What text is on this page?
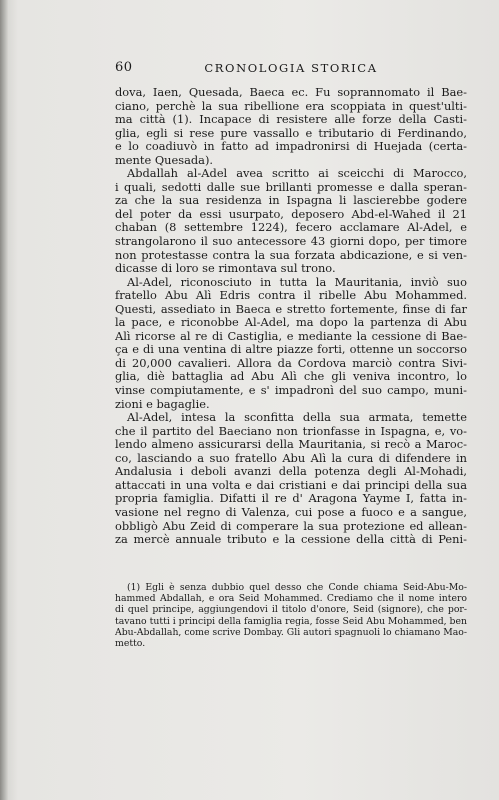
60	CRONOLOGIA STORICA
dova, Iaen, Quesada, Baeca ec. Fu soprannomato il Bae-
ciano, perchè la sua ribellione era scoppiata in quest'ulti-
ma città (1). Incapace di resistere alle forze della Casti-
glia, egli si rese pure vassallo e tributario di Ferdinando,
e lo coadiuvò in fatto ad impadronirsi di Huejada (certa-
mente Quesada).
Abdallah al-Adel avea scritto ai sceicchi di Marocco,
i quali, sedotti dalle sue brillanti promesse e dalla speran-
za che la sua residenza in Ispagna li lascierebbe godere
del poter da essi usurpato, deposero Abd-el-Wahed il 21
chaban (8 settembre 1224), fecero acclamare Al-Adel, e
strangolarono il suo antecessore 43 giorni dopo, per timore
non protestasse contra la sua forzata abdicazione, e si ven-
dicasse di loro se rimontava sul trono.
Al-Adel, riconosciuto in tutta la Mauritania, inviò suo
fratello Abu Alì Edris contra il ribelle Abu Mohammed.
Questi, assediato in Baeca e stretto fortemente, finse di far
la pace, e riconobbe Al-Adel, ma dopo la partenza di Abu
Alì ricorse al re di Castiglia, e mediante la cessione di Bae-
ça e di una ventina di altre piazze forti, ottenne un soccorso
di 20,000 cavalieri. Allora da Cordova marciò contra Sivi-
glia, diè battaglia ad Abu Alì che gli veniva incontro, lo
vinse compiutamente, e s' impadronì del suo campo, muni-
zioni e bagaglie.
Al-Adel, intesa la sconfitta della sua armata, temette
che il partito del Baeciano non trionfasse in Ispagna, e, vo-
lendo almeno assicurarsi della Mauritania, si recò a Maroc-
co, lasciando a suo fratello Abu Alì la cura di difendere in
Andalusia i deboli avanzi della potenza degli Al-Mohadi,
attaccati in una volta e dai cristiani e dai principi della sua
propria famiglia. Difatti il re d' Aragona Yayme I, fatta in-
vasione nel regno di Valenza, cui pose a fuoco e a sangue,
obbligò Abu Zeid di comperare la sua protezione ed allean-
za mercè annuale tributo e la cessione della città di Peni-
(1) Egli è senza dubbio quel desso che Conde chiama Seid-Abu-Mo-
hammed Abdallah, e ora Seid Mohammed. Crediamo che il nome intero
di quel principe, aggiungendovi il titolo d'onore, Seid (signore), che por-
tavano tutti i principi della famiglia regia, fosse Seid Abu Mohammed, ben
Abu-Abdallah, come scrive Dombay. Gli autori spagnuoli lo chiamano Mao-
metto.
